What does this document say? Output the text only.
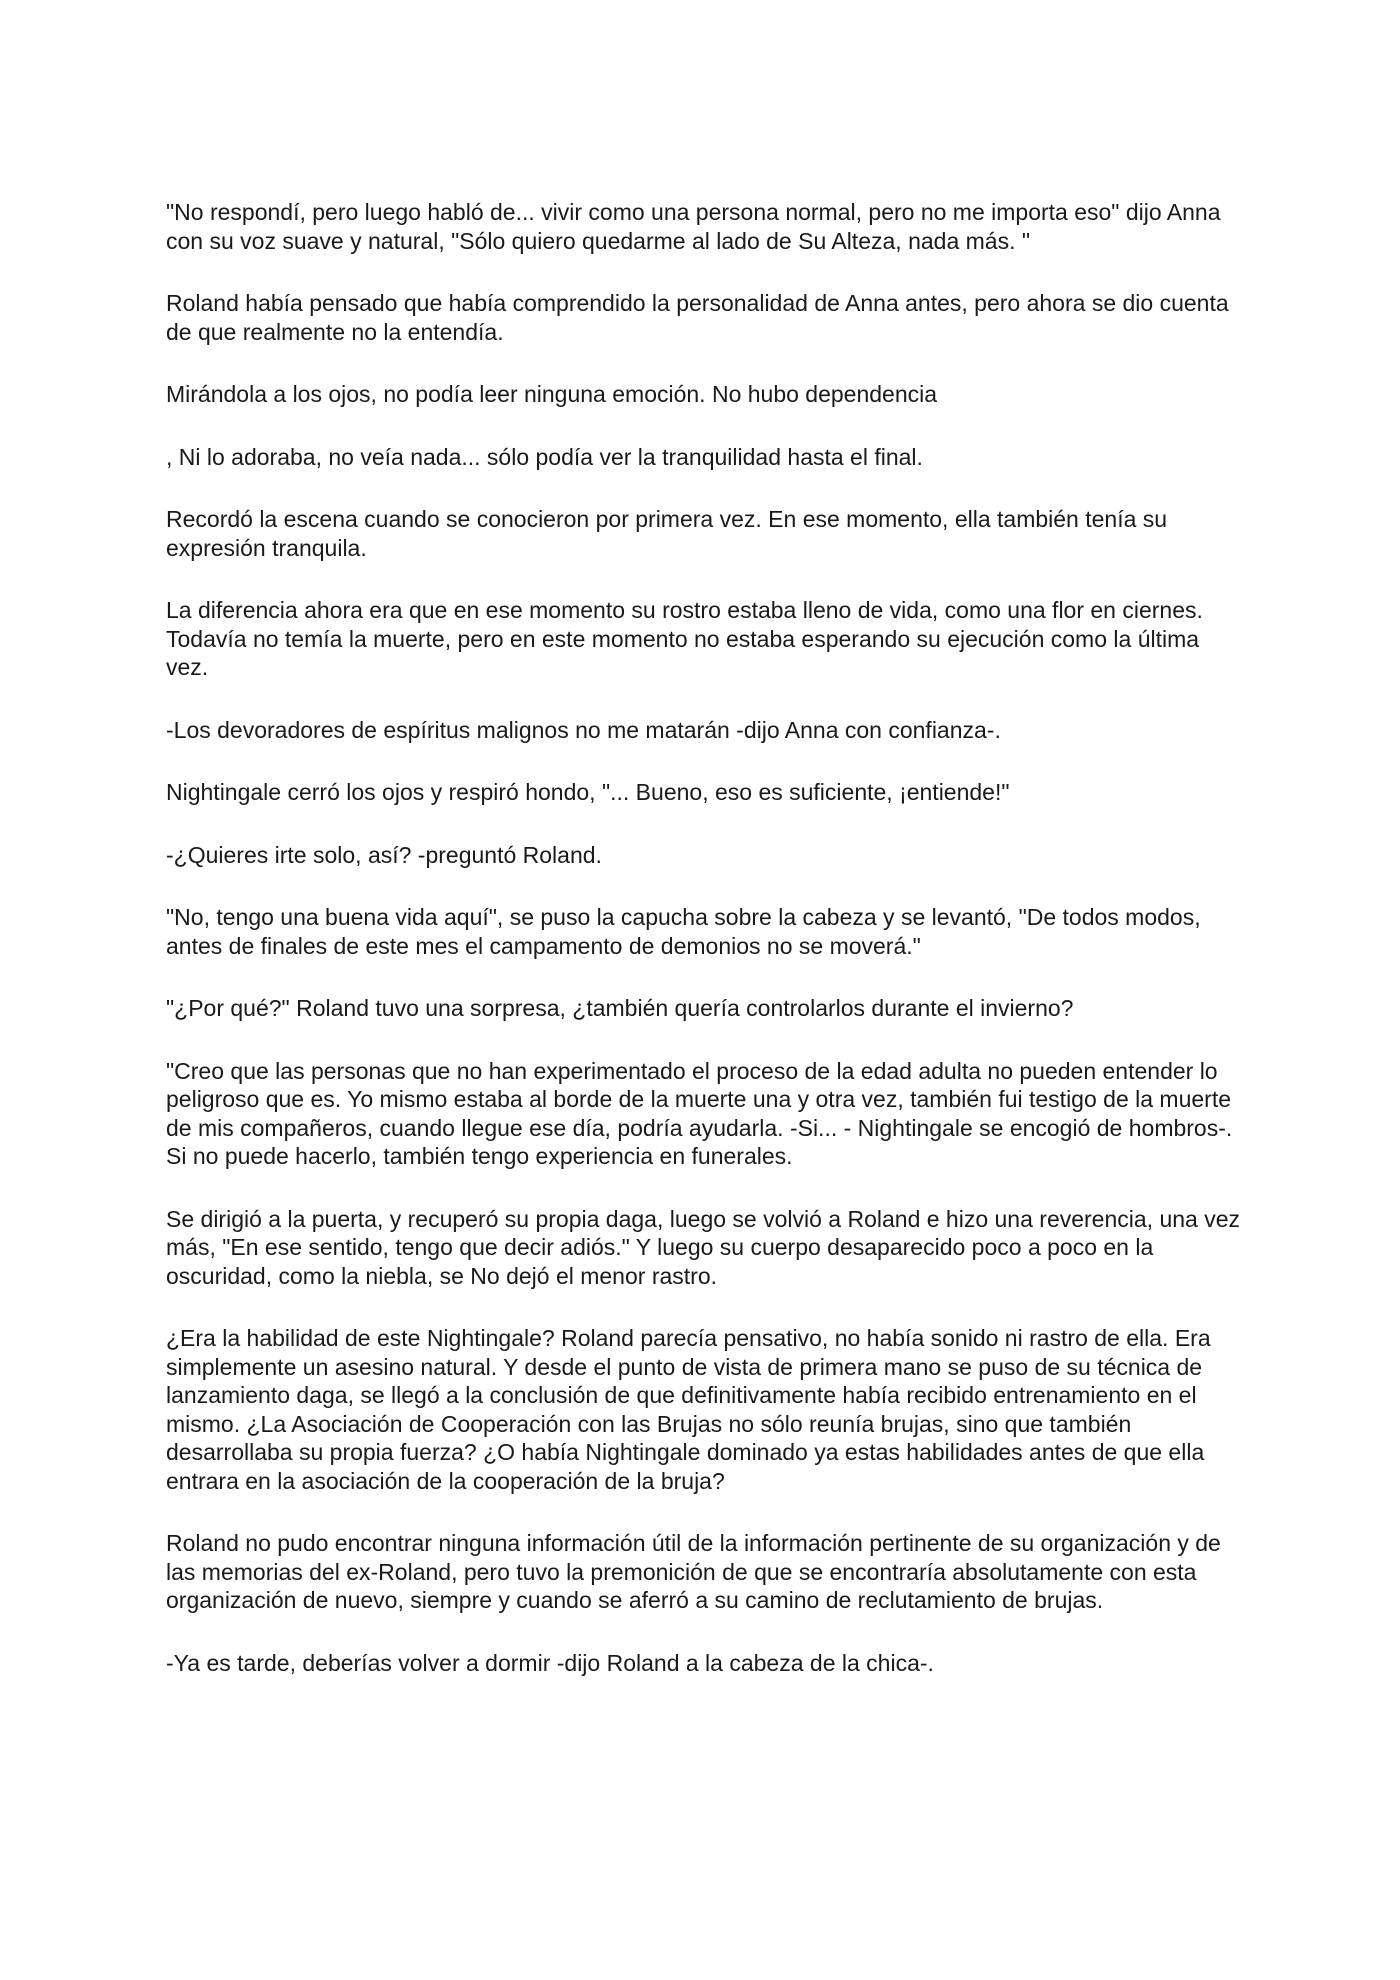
"No respondí, pero luego habló de... vivir como una persona normal, pero no me importa eso" dijo Anna con su voz suave y natural, "Sólo quiero quedarme al lado de Su Alteza, nada más. "

Roland había pensado que había comprendido la personalidad de Anna antes, pero ahora se dio cuenta de que realmente no la entendía.

Mirándola a los ojos, no podía leer ninguna emoción. No hubo dependencia

, Ni lo adoraba, no veía nada... sólo podía ver la tranquilidad hasta el final.

Recordó la escena cuando se conocieron por primera vez. En ese momento, ella también tenía su expresión tranquila.

La diferencia ahora era que en ese momento su rostro estaba lleno de vida, como una flor en ciernes. Todavía no temía la muerte, pero en este momento no estaba esperando su ejecución como la última vez.

-Los devoradores de espíritus malignos no me matarán -dijo Anna con confianza-.

Nightingale cerró los ojos y respiró hondo, "... Bueno, eso es suficiente, ¡entiende!"

-¿Quieres irte solo, así? -preguntó Roland.

"No, tengo una buena vida aquí", se puso la capucha sobre la cabeza y se levantó, "De todos modos, antes de finales de este mes el campamento de demonios no se moverá."

"¿Por qué?" Roland tuvo una sorpresa, ¿también quería controlarlos durante el invierno?

"Creo que las personas que no han experimentado el proceso de la edad adulta no pueden entender lo peligroso que es. Yo mismo estaba al borde de la muerte una y otra vez, también fui testigo de la muerte de mis compañeros, cuando llegue ese día, podría ayudarla. -Si... - Nightingale se encogió de hombros-. Si no puede hacerlo, también tengo experiencia en funerales.

Se dirigió a la puerta, y recuperó su propia daga, luego se volvió a Roland e hizo una reverencia, una vez más, "En ese sentido, tengo que decir adiós." Y luego su cuerpo desaparecido poco a poco en la oscuridad, como la niebla, se No dejó el menor rastro.

¿Era la habilidad de este Nightingale? Roland parecía pensativo, no había sonido ni rastro de ella. Era simplemente un asesino natural. Y desde el punto de vista de primera mano se puso de su técnica de lanzamiento daga, se llegó a la conclusión de que definitivamente había recibido entrenamiento en el mismo. ¿La Asociación de Cooperación con las Brujas no sólo reunía brujas, sino que también desarrollaba su propia fuerza? ¿O había Nightingale dominado ya estas habilidades antes de que ella entrara en la asociación de la cooperación de la bruja?

Roland no pudo encontrar ninguna información útil de la información pertinente de su organización y de las memorias del ex-Roland, pero tuvo la premonición de que se encontraría absolutamente con esta organización de nuevo, siempre y cuando se aferró a su camino de reclutamiento de brujas.

-Ya es tarde, deberías volver a dormir -dijo Roland a la cabeza de la chica-.
